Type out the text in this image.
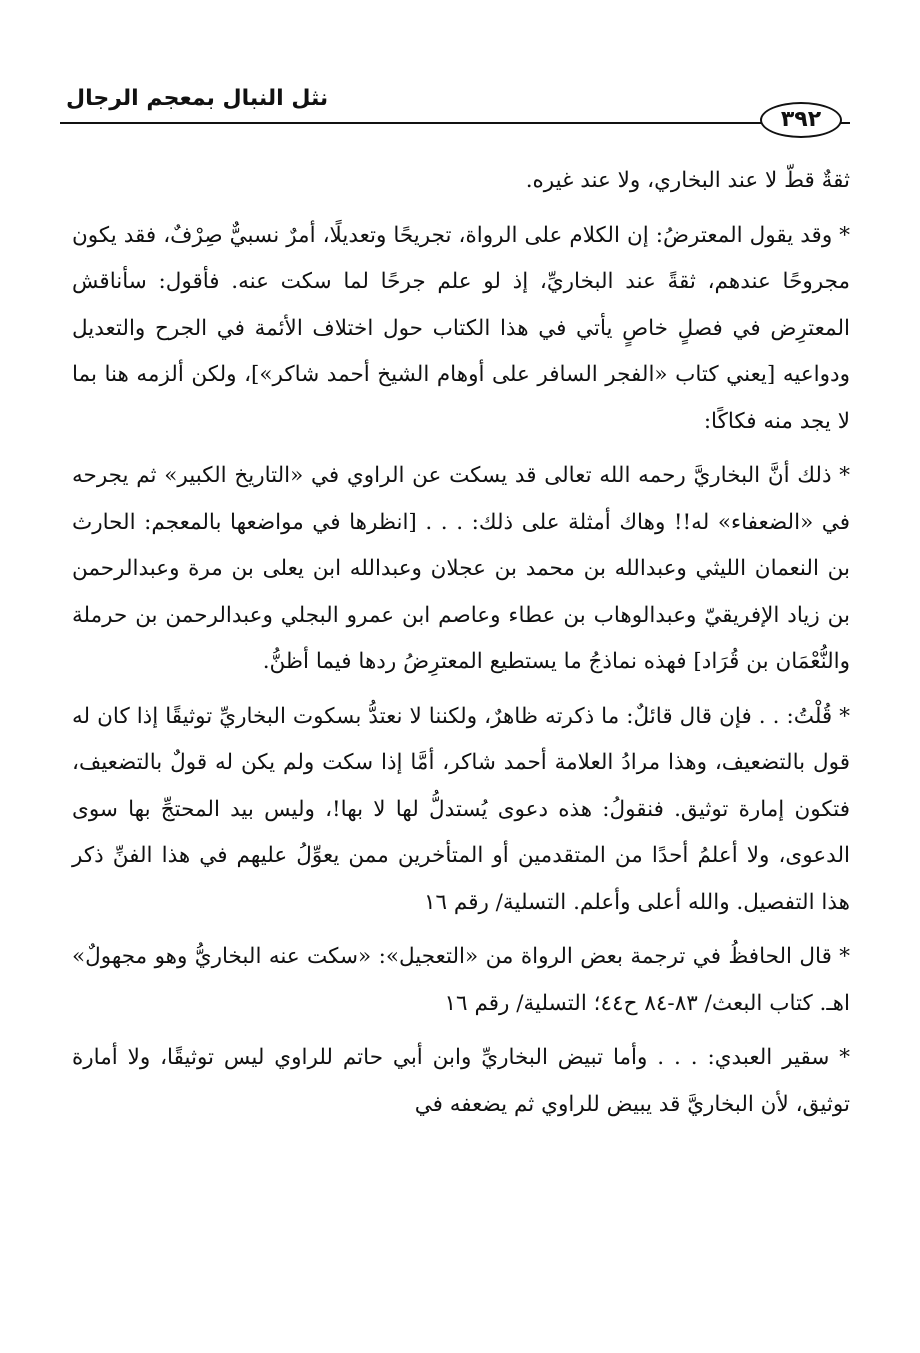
نثل النبال بمعجم الرجال
٣٩٢

ثقةٌ قطّ لا عند البخاري، ولا عند غيره.

* وقد يقول المعترضُ: إن الكلام على الرواة، تجريحًا وتعديلًا، أمرٌ نسبيٌّ صِرْفٌ، فقد يكون مجروحًا عندهم، ثقةً عند البخاريِّ، إذ لو علم جرحًا لما سكت عنه. فأقول: سأناقش المعترِض في فصلٍ خاصٍ يأتي في هذا الكتاب حول اختلاف الأئمة في الجرح والتعديل ودواعيه [يعني كتاب «الفجر السافر على أوهام الشيخ أحمد شاكر»]، ولكن ألزمه هنا بما لا يجد منه فكاكًا:

* ذلك أنَّ البخاريَّ رحمه الله تعالى قد يسكت عن الراوي في «التاريخ الكبير» ثم يجرحه في «الضعفاء» له!! وهاك أمثلة على ذلك: . . . [انظرها في مواضعها بالمعجم: الحارث بن النعمان الليثي وعبدالله بن محمد بن عجلان وعبدالله ابن يعلى بن مرة وعبدالرحمن بن زياد الإفريقيّ وعبدالوهاب بن عطاء وعاصم ابن عمرو البجلي وعبدالرحمن بن حرملة والنُّعْمَان بن قُرَاد] فهذه نماذجُ ما يستطيع المعترِضُ ردها فيما أظنُّ.

* قُلْتُ: . . فإن قال قائلٌ: ما ذكرته ظاهرٌ، ولكننا لا نعتدُّ بسكوت البخاريِّ توثيقًا إذا كان له قول بالتضعيف، وهذا مرادُ العلامة أحمد شاكر، أمَّا إذا سكت ولم يكن له قولٌ بالتضعيف، فتكون إمارة توثيق. فنقولُ: هذه دعوى يُستدلُّ لها لا بها!، وليس بيد المحتجِّ بها سوى الدعوى، ولا أعلمُ أحدًا من المتقدمين أو المتأخرين ممن يعوِّلُ عليهم في هذا الفنِّ ذكر هذا التفصيل. والله أعلى وأعلم. التسلية/ رقم ١٦

* قال الحافظُ في ترجمة بعض الرواة من «التعجيل»: «سكت عنه البخاريُّ وهو مجهولٌ» اهـ. كتاب البعث/ ٨٣-٨٤ ح٤٤؛ التسلية/ رقم ١٦

* سقير العبدي: . . . وأما تبيض البخاريِّ وابن أبي حاتم للراوي ليس توثيقًا، ولا أمارة توثيق، لأن البخاريَّ قد يبيض للراوي ثم يضعفه في
